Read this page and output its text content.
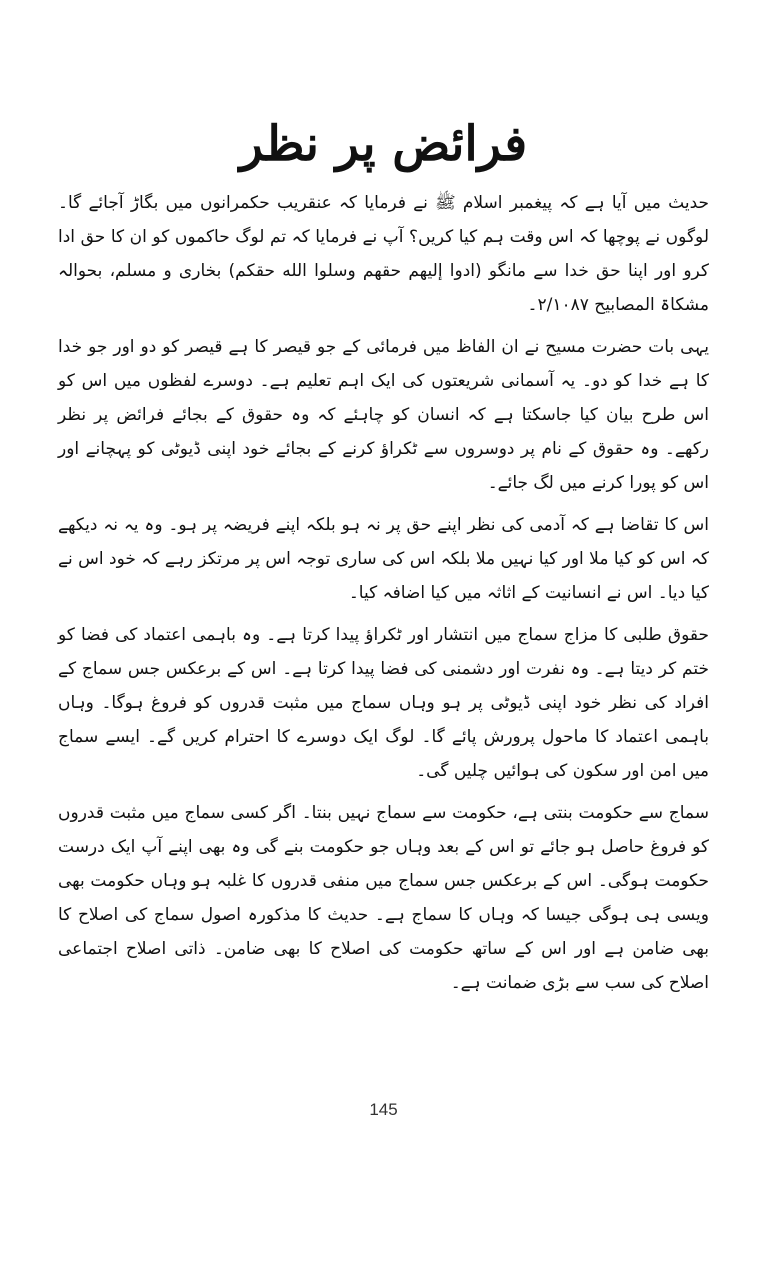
فرائض پر نظر

حدیث میں آیا ہے کہ پیغمبر اسلام ﷺ نے فرمایا کہ عنقریب حکمرانوں میں بگاڑ آجائے گا۔ لوگوں نے پوچھا کہ اس وقت ہم کیا کریں؟ آپ نے فرمایا کہ تم لوگ حاکموں کو ان کا حق ادا کرو اور اپنا حق خدا سے مانگو (ادوا إليهم حقهم وسلوا الله حقكم) بخاری و مسلم، بحوالہ مشکاۃ المصابیح ۲/۱۰۸۷۔

یہی بات حضرت مسیح نے ان الفاظ میں فرمائی کے جو قیصر کا ہے قیصر کو دو اور جو خدا کا ہے خدا کو دو۔ یہ آسمانی شریعتوں کی ایک اہم تعلیم ہے۔ دوسرے لفظوں میں اس کو اس طرح بیان کیا جاسکتا ہے کہ انسان کو چاہئے کہ وہ حقوق کے بجائے فرائض پر نظر رکھے۔ وہ حقوق کے نام پر دوسروں سے ٹکراؤ کرنے کے بجائے خود اپنی ڈیوٹی کو پہچانے اور اس کو پورا کرنے میں لگ جائے۔

اس کا تقاضا ہے کہ آدمی کی نظر اپنے حق پر نہ ہو بلکہ اپنے فریضہ پر ہو۔ وہ یہ نہ دیکھے کہ اس کو کیا ملا اور کیا نہیں ملا بلکہ اس کی ساری توجہ اس پر مرتکز رہے کہ خود اس نے کیا دیا۔ اس نے انسانیت کے اثاثہ میں کیا اضافہ کیا۔

حقوق طلبی کا مزاج سماج میں انتشار اور ٹکراؤ پیدا کرتا ہے۔ وہ باہمی اعتماد کی فضا کو ختم کر دیتا ہے۔ وہ نفرت اور دشمنی کی فضا پیدا کرتا ہے۔ اس کے برعکس جس سماج کے افراد کی نظر خود اپنی ڈیوٹی پر ہو وہاں سماج میں مثبت قدروں کو فروغ ہوگا۔ وہاں باہمی اعتماد کا ماحول پرورش پائے گا۔ لوگ ایک دوسرے کا احترام کریں گے۔ ایسے سماج میں امن اور سکون کی ہوائیں چلیں گی۔

سماج سے حکومت بنتی ہے، حکومت سے سماج نہیں بنتا۔ اگر کسی سماج میں مثبت قدروں کو فروغ حاصل ہو جائے تو اس کے بعد وہاں جو حکومت بنے گی وہ بھی اپنے آپ ایک درست حکومت ہوگی۔ اس کے برعکس جس سماج میں منفی قدروں کا غلبہ ہو وہاں حکومت بھی ویسی ہی ہوگی جیسا کہ وہاں کا سماج ہے۔ حدیث کا مذکورہ اصول سماج کی اصلاح کا بھی ضامن ہے اور اس کے ساتھ حکومت کی اصلاح کا بھی ضامن۔ ذاتی اصلاح اجتماعی اصلاح کی سب سے بڑی ضمانت ہے۔

145
